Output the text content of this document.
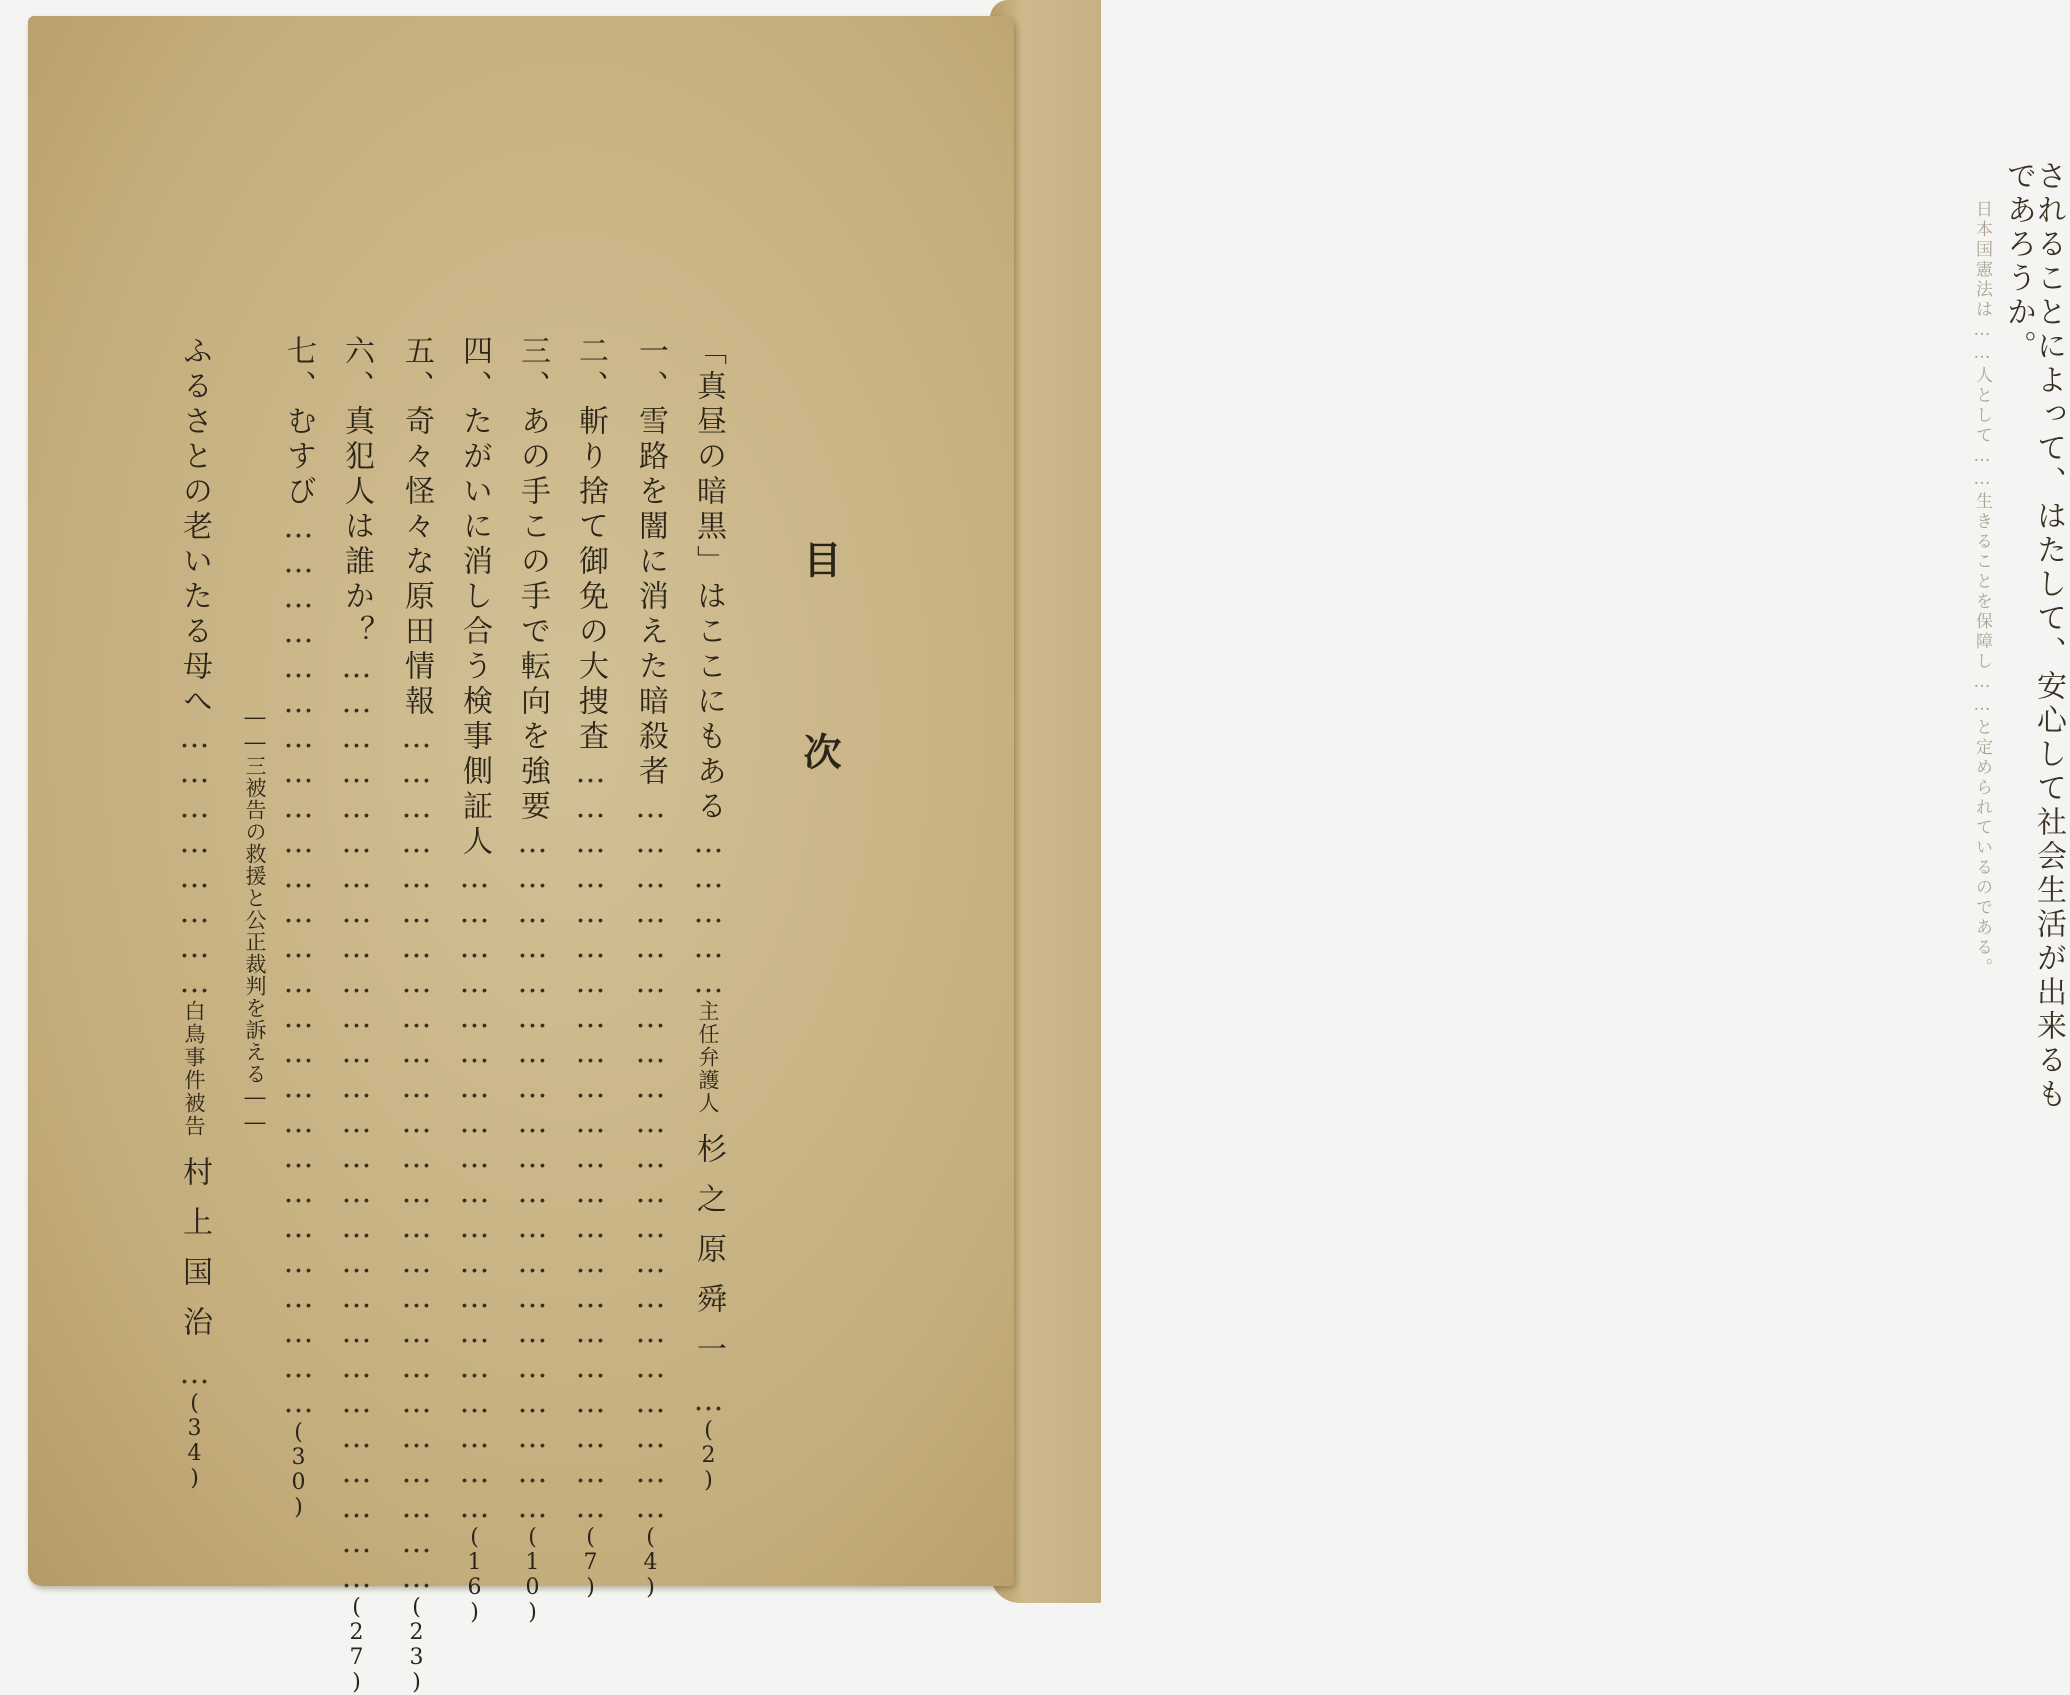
されることによって、はたして、安心して社会生活が出来るも

であろうか。

日本国憲法は……人として……生きることを保障し……と定められているのである。

目　次
「真昼の暗黒」はここにもある……………主任弁護人杉之原舜一…(2)
一、雪路を闇に消えた暗殺者………………………………………………………(4)
二、斬り捨て御免の大捜査…………………………………………………………(7)
三、あの手この手で転向を強要……………………………………………………(10)
四、たがいに消し合う検事側証人…………………………………………………(16)
五、奇々怪々な原田情報…………………………………………………………………(23)
六、真犯人は誰か？………………………………………………………………………(27)
七、むすび……………………………………………………………………(30)
――三被告の救援と公正裁判を訴える――
ふるさとの老いたる母へ……………………白鳥事件被告村上国治…(34)
